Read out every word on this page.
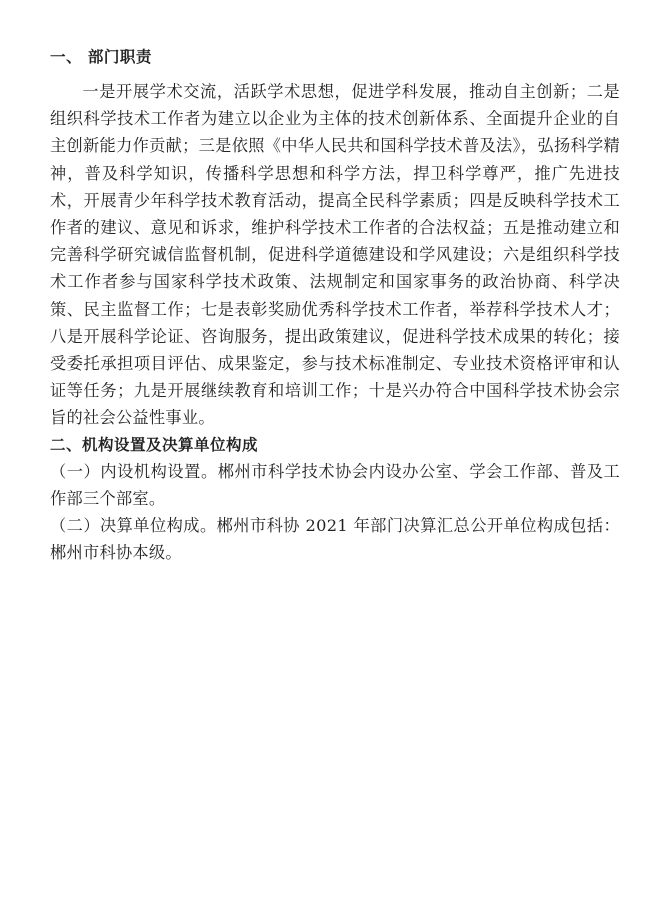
一、 部门职责

一是开展学术交流，活跃学术思想，促进学科发展，推动自主创新；二是组织科学技术工作者为建立以企业为主体的技术创新体系、全面提升企业的自主创新能力作贡献；三是依照《中华人民共和国科学技术普及法》，弘扬科学精神，普及科学知识，传播科学思想和科学方法，捍卫科学尊严，推广先进技术，开展青少年科学技术教育活动，提高全民科学素质；四是反映科学技术工作者的建议、意见和诉求，维护科学技术工作者的合法权益；五是推动建立和完善科学研究诚信监督机制，促进科学道德建设和学风建设；六是组织科学技术工作者参与国家科学技术政策、法规制定和国家事务的政治协商、科学决策、民主监督工作；七是表彰奖励优秀科学技术工作者，举荐科学技术人才；八是开展科学论证、咨询服务，提出政策建议，促进科学技术成果的转化；接受委托承担项目评估、成果鉴定，参与技术标准制定、专业技术资格评审和认证等任务；九是开展继续教育和培训工作；十是兴办符合中国科学技术协会宗旨的社会公益性事业。

二、机构设置及决算单位构成

（一）内设机构设置。郴州市科学技术协会内设办公室、学会工作部、普及工作部三个部室。

（二）决算单位构成。郴州市科协 2021 年部门决算汇总公开单位构成包括：郴州市科协本级。
